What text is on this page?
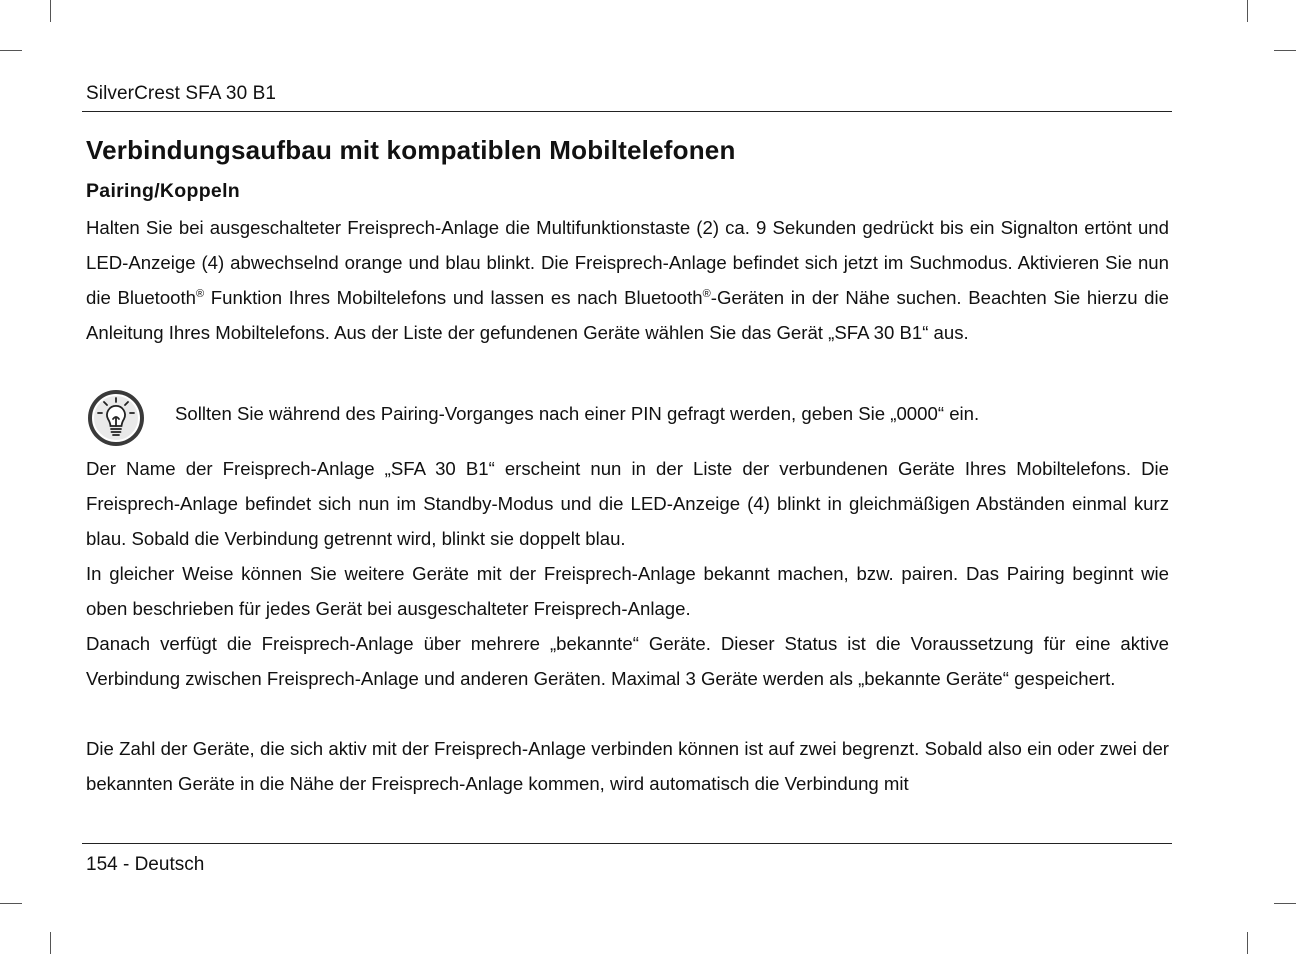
SilverCrest SFA 30 B1
Verbindungsaufbau mit kompatiblen Mobiltelefonen
Pairing/Koppeln

Halten Sie bei ausgeschalteter Freisprech-Anlage die Multifunktionstaste (2) ca. 9 Sekunden gedrückt bis ein Signalton ertönt und LED-Anzeige (4) abwechselnd orange und blau blinkt. Die Freisprech-Anlage befindet sich jetzt im Suchmodus. Aktivieren Sie nun die Bluetooth® Funktion Ihres Mobiltelefons und lassen es nach Bluetooth®-Geräten in der Nähe suchen. Beachten Sie hierzu die Anleitung Ihres Mobiltelefons. Aus der Liste der gefundenen Geräte wählen Sie das Gerät „SFA 30 B1“ aus.

Sollten Sie während des Pairing-Vorganges nach einer PIN gefragt werden, geben Sie „0000“ ein.

Der Name der Freisprech-Anlage „SFA 30 B1“ erscheint nun in der Liste der verbundenen Geräte Ihres Mobiltelefons. Die Freisprech-Anlage befindet sich nun im Standby-Modus und die LED-Anzeige (4) blinkt in gleichmäßigen Abständen einmal kurz blau. Sobald die Verbindung getrennt wird, blinkt sie doppelt blau.

In gleicher Weise können Sie weitere Geräte mit der Freisprech-Anlage bekannt machen, bzw. pairen. Das Pairing beginnt wie oben beschrieben für jedes Gerät bei ausgeschalteter Freisprech-Anlage.

Danach verfügt die Freisprech-Anlage über mehrere „bekannte“ Geräte. Dieser Status ist die Voraussetzung für eine aktive Verbindung zwischen Freisprech-Anlage und anderen Geräten. Maximal 3 Geräte werden als „bekannte Geräte“ gespeichert.

Die Zahl der Geräte, die sich aktiv mit der Freisprech-Anlage verbinden können ist auf zwei begrenzt. Sobald also ein oder zwei der bekannten Geräte in die Nähe der Freisprech-Anlage kommen, wird automatisch die Verbindung mit

154 - Deutsch
